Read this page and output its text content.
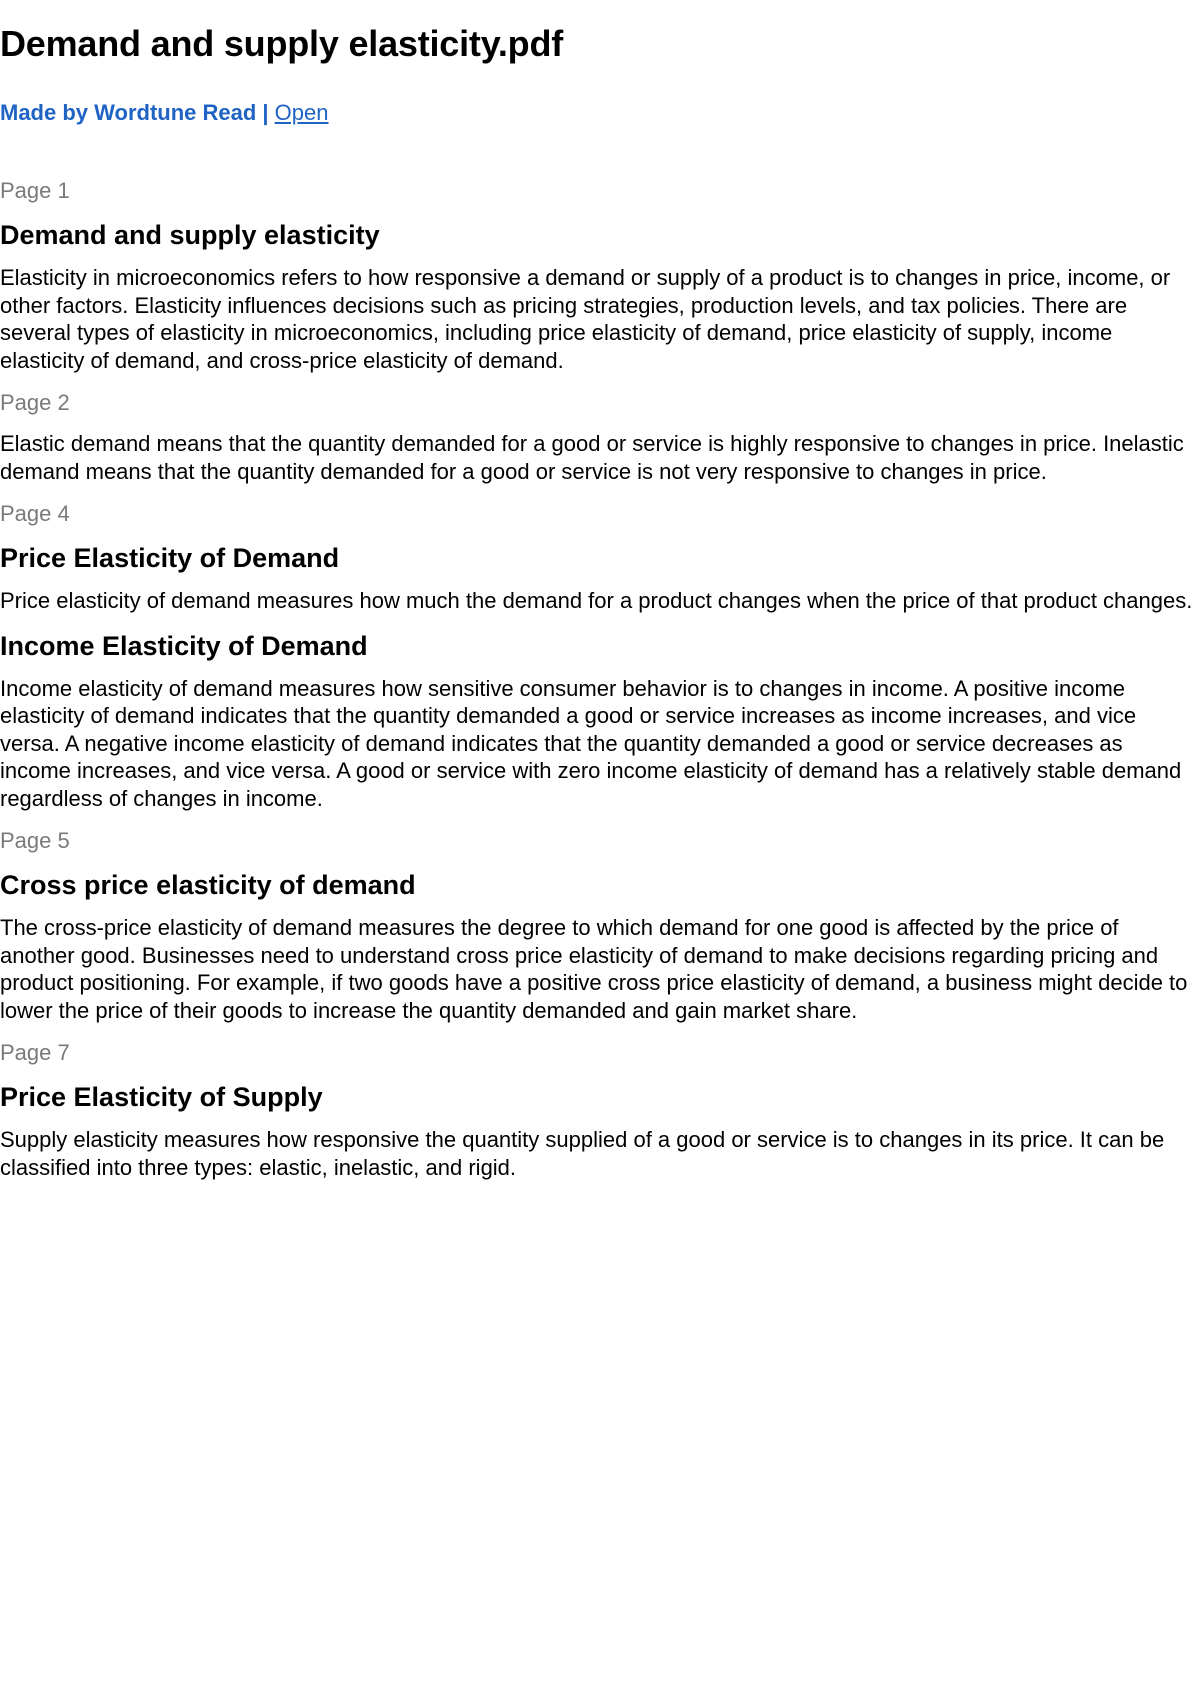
Demand and supply elasticity.pdf
Made by Wordtune Read | Open
Page 1
Demand and supply elasticity

Elasticity in microeconomics refers to how responsive a demand or supply of a product is to changes in price, income, or other factors. Elasticity influences decisions such as pricing strategies, production levels, and tax policies. There are several types of elasticity in microeconomics, including price elasticity of demand, price elasticity of supply, income elasticity of demand, and cross-price elasticity of demand.

Page 2

Elastic demand means that the quantity demanded for a good or service is highly responsive to changes in price. Inelastic demand means that the quantity demanded for a good or service is not very responsive to changes in price.

Page 4
Price Elasticity of Demand

Price elasticity of demand measures how much the demand for a product changes when the price of that product changes.

Income Elasticity of Demand

Income elasticity of demand measures how sensitive consumer behavior is to changes in income. A positive income elasticity of demand indicates that the quantity demanded a good or service increases as income increases, and vice versa. A negative income elasticity of demand indicates that the quantity demanded a good or service decreases as income increases, and vice versa. A good or service with zero income elasticity of demand has a relatively stable demand regardless of changes in income.

Page 5
Cross price elasticity of demand

The cross-price elasticity of demand measures the degree to which demand for one good is affected by the price of another good. Businesses need to understand cross price elasticity of demand to make decisions regarding pricing and product positioning. For example, if two goods have a positive cross price elasticity of demand, a business might decide to lower the price of their goods to increase the quantity demanded and gain market share.

Page 7
Price Elasticity of Supply

Supply elasticity measures how responsive the quantity supplied of a good or service is to changes in its price. It can be classified into three types: elastic, inelastic, and rigid.
